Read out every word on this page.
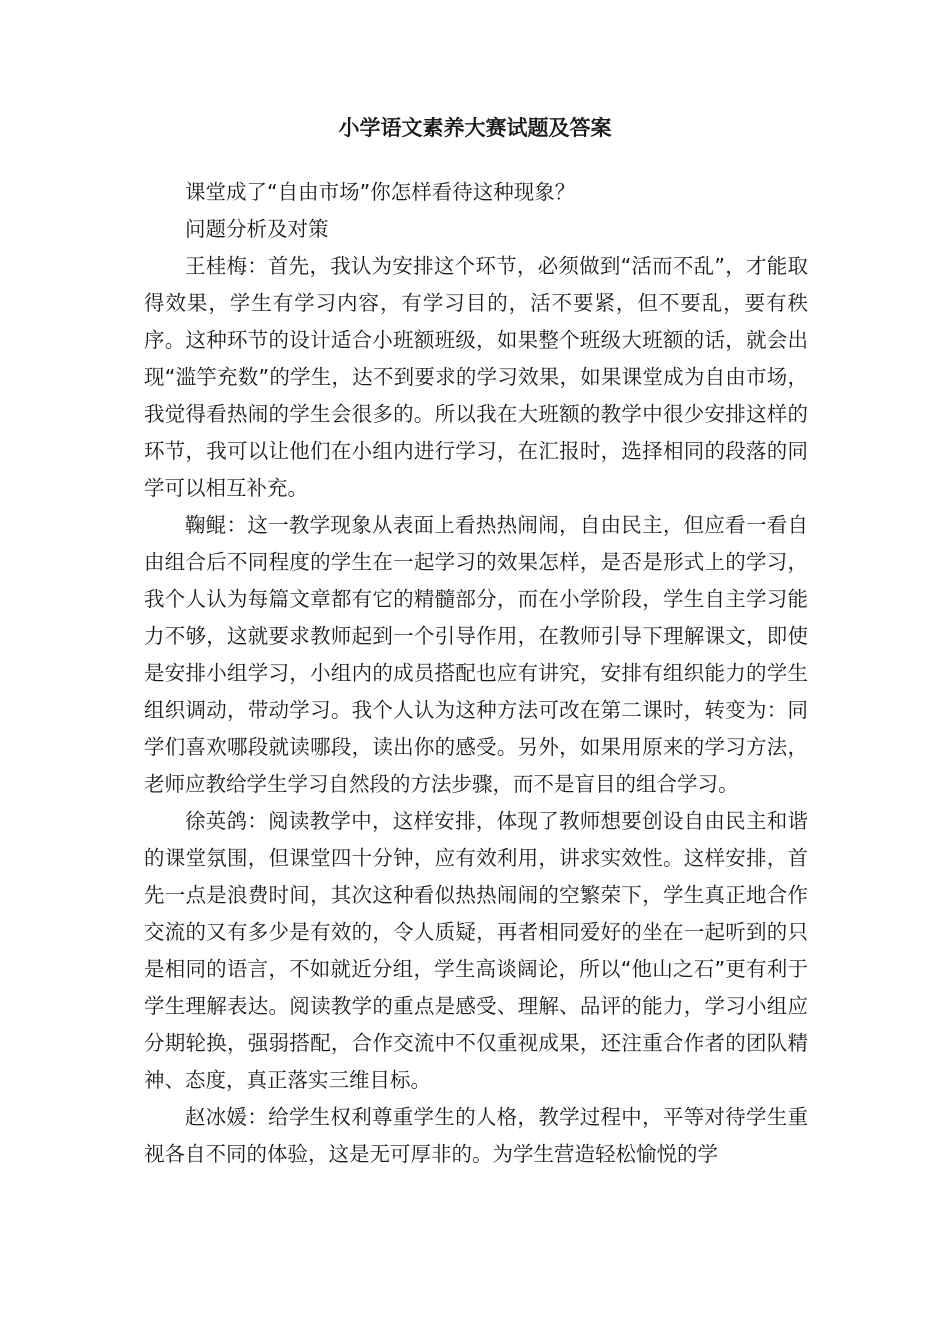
小学语文素养大赛试题及答案

课堂成了“自由市场”你怎样看待这种现象？

问题分析及对策

王桂梅：首先，我认为安排这个环节，必须做到“活而不乱”，才能取得效果，学生有学习内容，有学习目的，活不要紧，但不要乱，要有秩序。这种环节的设计适合小班额班级，如果整个班级大班额的话，就会出现“滥竽充数”的学生，达不到要求的学习效果，如果课堂成为自由市场，我觉得看热闹的学生会很多的。所以我在大班额的教学中很少安排这样的环节，我可以让他们在小组内进行学习，在汇报时，选择相同的段落的同学可以相互补充。

鞠鲲：这一教学现象从表面上看热热闹闹，自由民主，但应看一看自由组合后不同程度的学生在一起学习的效果怎样，是否是形式上的学习，我个人认为每篇文章都有它的精髓部分，而在小学阶段，学生自主学习能力不够，这就要求教师起到一个引导作用，在教师引导下理解课文，即使是安排小组学习，小组内的成员搭配也应有讲究，安排有组织能力的学生组织调动，带动学习。我个人认为这种方法可改在第二课时，转变为：同学们喜欢哪段就读哪段，读出你的感受。另外，如果用原来的学习方法，老师应教给学生学习自然段的方法步骤，而不是盲目的组合学习。

徐英鸽：阅读教学中，这样安排，体现了教师想要创设自由民主和谐的课堂氛围，但课堂四十分钟，应有效利用，讲求实效性。这样安排，首先一点是浪费时间，其次这种看似热热闹闹的空繁荣下，学生真正地合作交流的又有多少是有效的，令人质疑，再者相同爱好的坐在一起听到的只是相同的语言，不如就近分组，学生高谈阔论，所以“他山之石”更有利于学生理解表达。阅读教学的重点是感受、理解、品评的能力，学习小组应分期轮换，强弱搭配，合作交流中不仅重视成果，还注重合作者的团队精神、态度，真正落实三维目标。

赵冰媛：给学生权利尊重学生的人格，教学过程中，平等对待学生重视各自不同的体验，这是无可厚非的。为学生营造轻松愉悦的学
